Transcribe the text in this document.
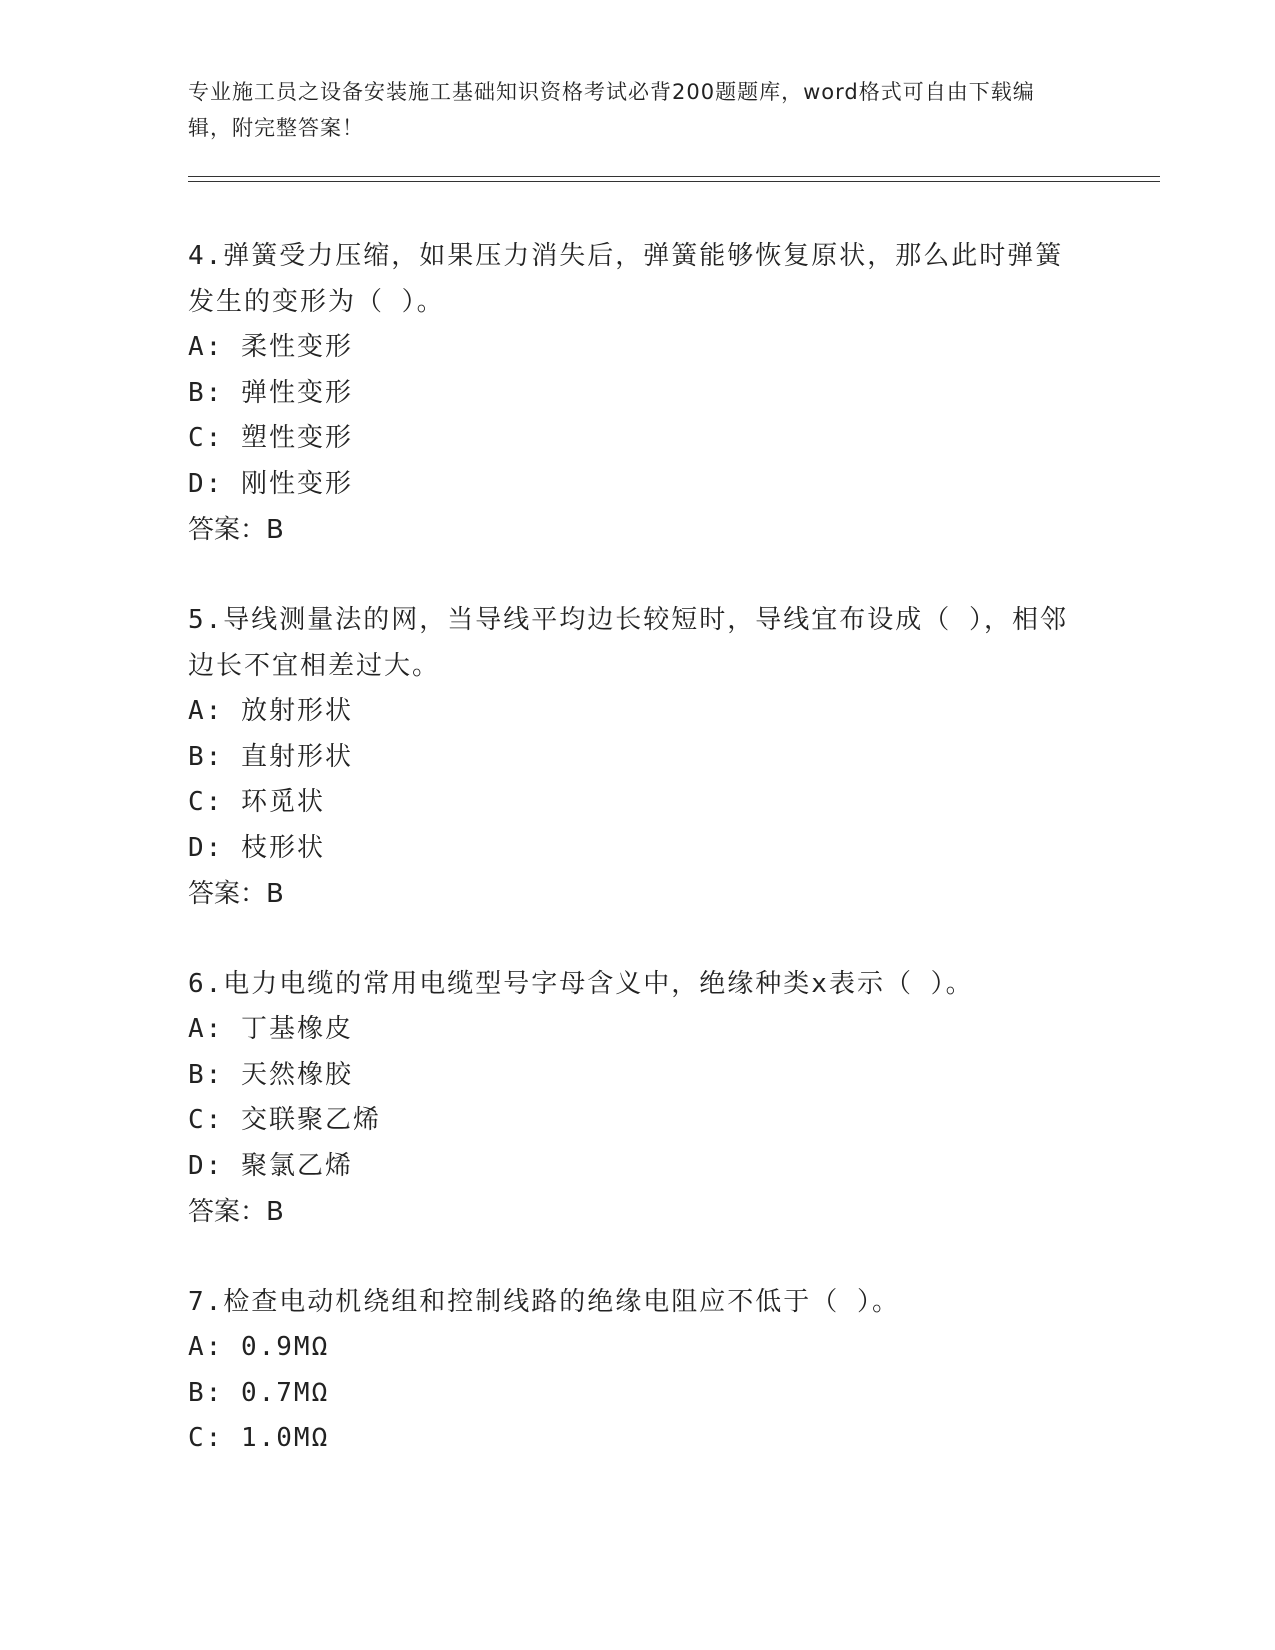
专业施工员之设备安装施工基础知识资格考试必背200题题库，word格式可自由下载编辑，附完整答案！

4.弹簧受力压缩，如果压力消失后，弹簧能够恢复原状，那么此时弹簧发生的变形为（ ）。

A: 柔性变形

B: 弹性变形

C: 塑性变形

D: 刚性变形

答案：B

5.导线测量法的网，当导线平均边长较短时，导线宜布设成（ ），相邻边长不宜相差过大。

A: 放射形状

B: 直射形状

C: 环觅状

D: 枝形状

答案：B

6.电力电缆的常用电缆型号字母含义中，绝缘种类x表示（ ）。

A: 丁基橡皮

B: 天然橡胶

C: 交联聚乙烯

D: 聚氯乙烯

答案：B

7.检查电动机绕组和控制线路的绝缘电阻应不低于（ ）。

A: 0.9MΩ

B: 0.7MΩ

C: 1.0MΩ
